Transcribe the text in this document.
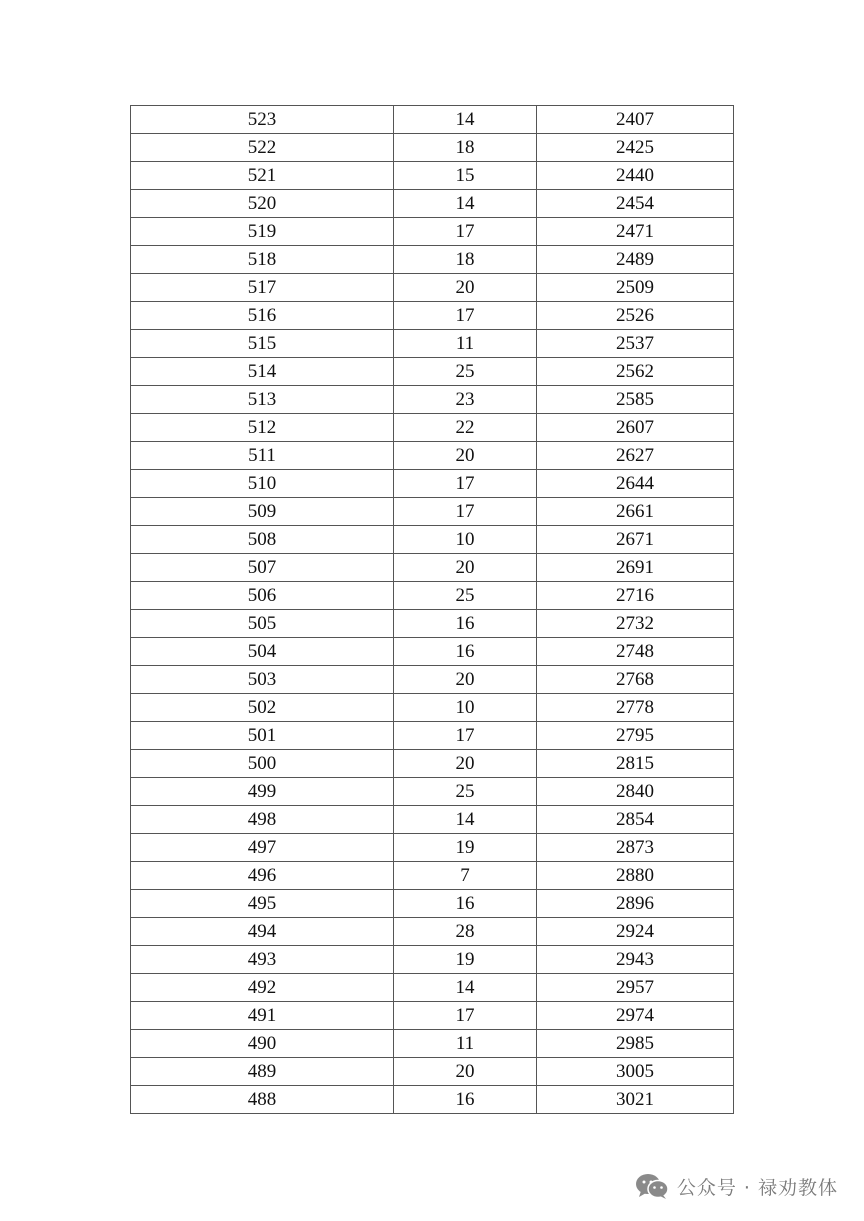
523	14	2407
522	18	2425
521	15	2440
520	14	2454
519	17	2471
518	18	2489
517	20	2509
516	17	2526
515	11	2537
514	25	2562
513	23	2585
512	22	2607
511	20	2627
510	17	2644
509	17	2661
508	10	2671
507	20	2691
506	25	2716
505	16	2732
504	16	2748
503	20	2768
502	10	2778
501	17	2795
500	20	2815
499	25	2840
498	14	2854
497	19	2873
496	7	2880
495	16	2896
494	28	2924
493	19	2943
492	14	2957
491	17	2974
490	11	2985
489	20	3005
488	16	3021
公众号 · 禄劝教体
